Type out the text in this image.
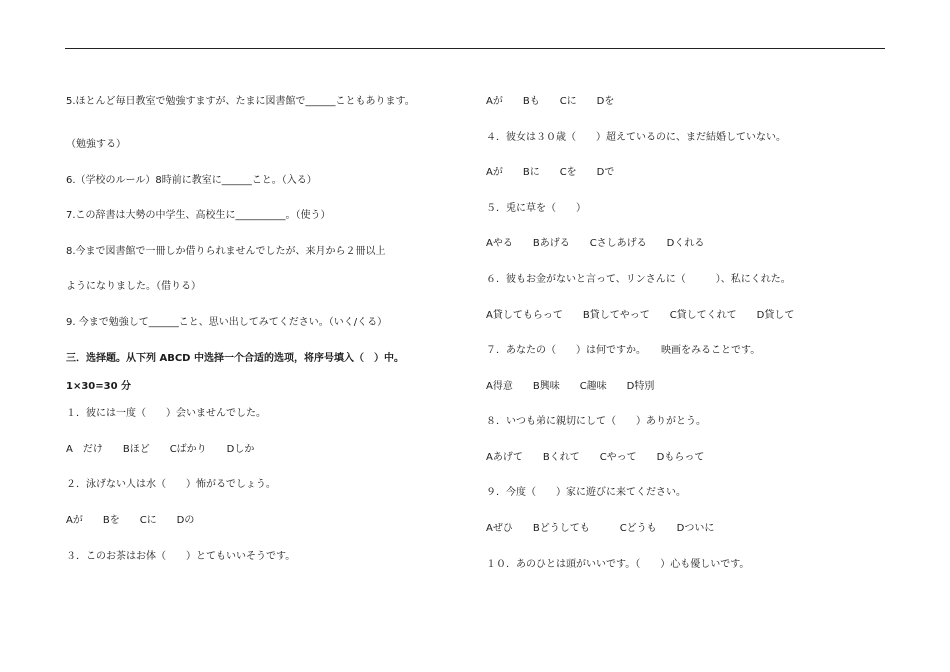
5.ほとんど毎日教室で勉強すますが、たまに図書館で______こともあります。
（勉強する）
6.（学校のルール）8時前に教室に______こと。（入る）
7.この辞書は大勢の中学生、高校生に__________。（使う）
8.今まで図書館で一冊しか借りられませんでしたが、来月から２冊以上
ようになりました。（借りる）
9. 今まで勉強して______こと、思い出してみてください。（いく/くる）
三．选择题。从下列 ABCD 中选择一个合适的选项，将序号填入（　）中。
1×30=30 分
１．彼には一度（　　）会いませんでした。
A　だけ　　Bほど　　Cばかり　　Dしか
２．泳げない人は水（　　）怖がるでしょう。
Aが　　Bを　　Cに　　Dの
３．このお茶はお体（　　）とてもいいそうです。
Aが　　Bも　　Cに　　Dを
４．彼女は３０歳（　　）超えているのに、まだ結婚していない。
Aが　　Bに　　Cを　　Dで
５．兎に草を（　　）
Aやる　　Bあげる　　Cさしあげる　　Dくれる
６．彼もお金がないと言って、リンさんに（　　　）、私にくれた。
A貸してもらって　　B貸してやって　　C貸してくれて　　D貸して
７．あなたの（　　）は何ですか。　　映画をみることです。
A得意　　B興味　　C趣味　　D特別
８．いつも弟に親切にして（　　）ありがとう。
Aあげて　　Bくれて　　Cやって　　Dもらって
９．今度（　　）家に遊びに来てください。
Aぜひ　　Bどうしても　　　Cどうも　　Dついに
１０．あのひとは頭がいいです。（　　）心も優しいです。
